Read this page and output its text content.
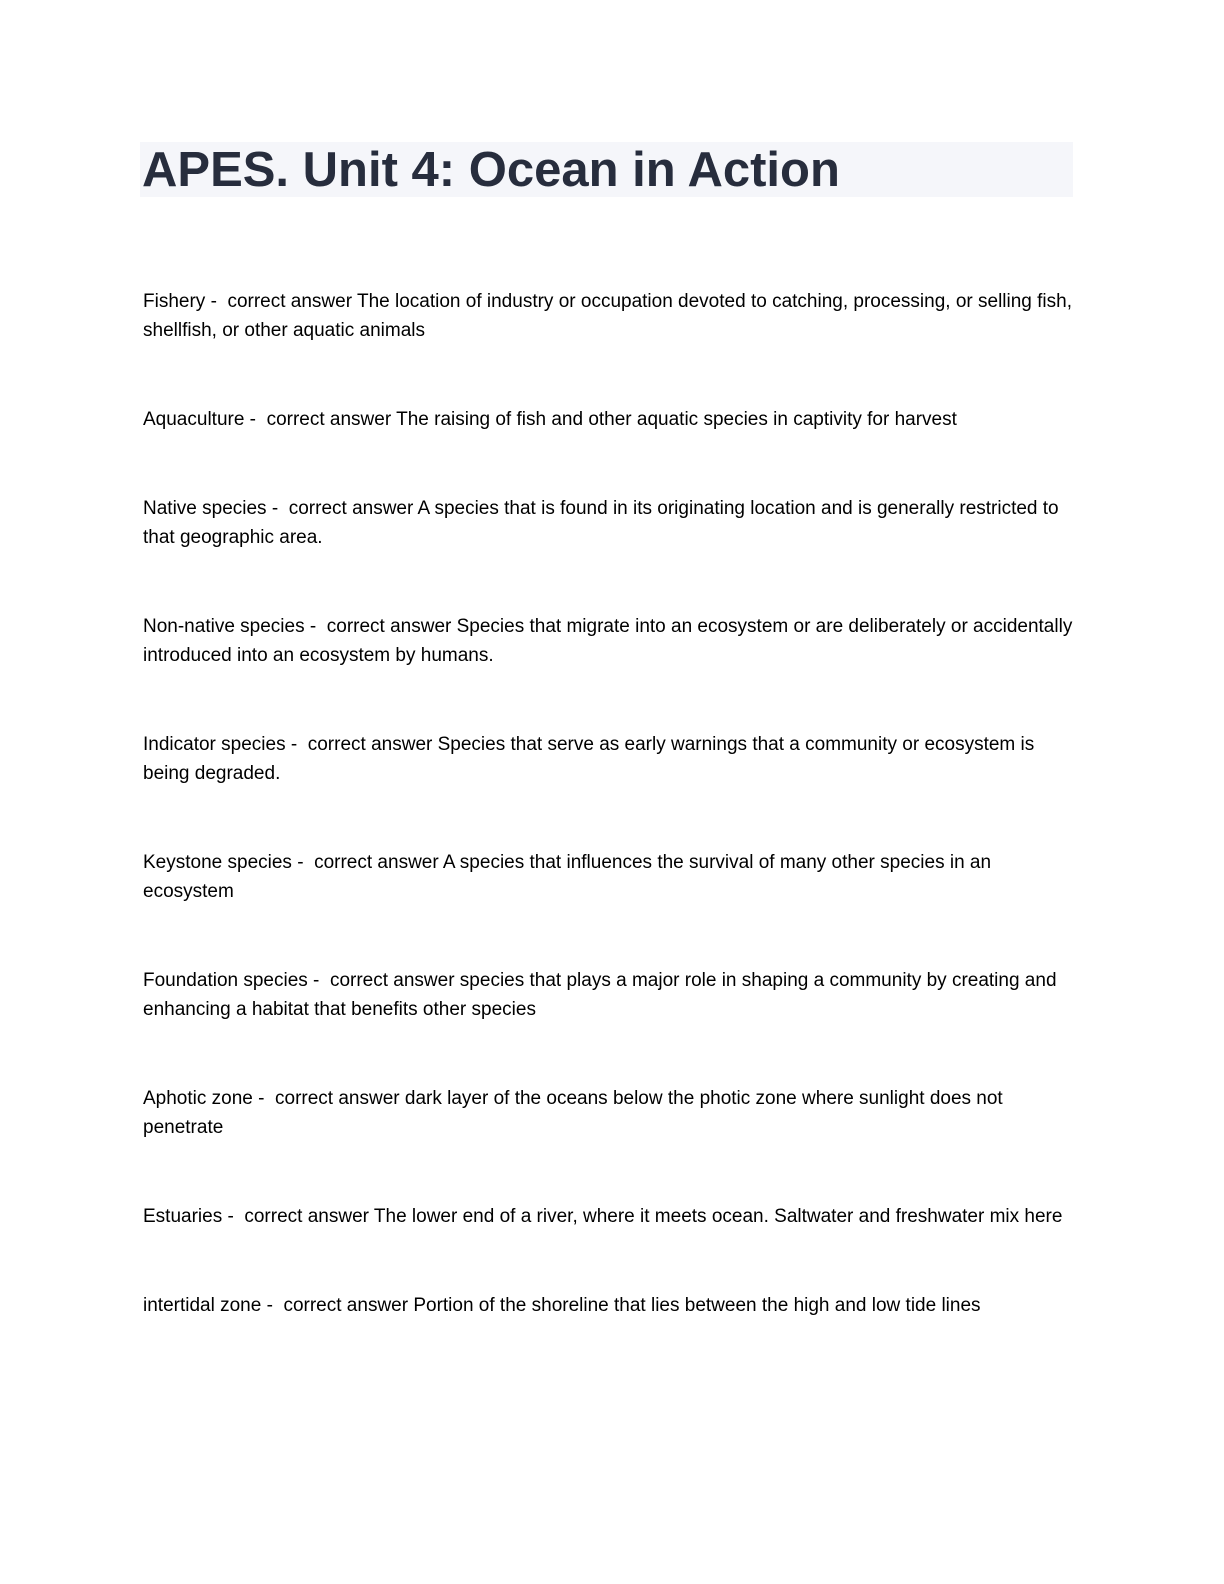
APES. Unit 4: Ocean in Action
Fishery -  correct answer The location of industry or occupation devoted to catching, processing, or selling fish, shellfish, or other aquatic animals
Aquaculture -  correct answer The raising of fish and other aquatic species in captivity for harvest
Native species -  correct answer A species that is found in its originating location and is generally restricted to that geographic area.
Non-native species -  correct answer Species that migrate into an ecosystem or are deliberately or accidentally introduced into an ecosystem by humans.
Indicator species -  correct answer Species that serve as early warnings that a community or ecosystem is being degraded.
Keystone species -  correct answer A species that influences the survival of many other species in an ecosystem
Foundation species -  correct answer species that plays a major role in shaping a community by creating and enhancing a habitat that benefits other species
Aphotic zone -  correct answer dark layer of the oceans below the photic zone where sunlight does not penetrate
Estuaries -  correct answer The lower end of a river, where it meets ocean. Saltwater and freshwater mix here
intertidal zone -  correct answer Portion of the shoreline that lies between the high and low tide lines
